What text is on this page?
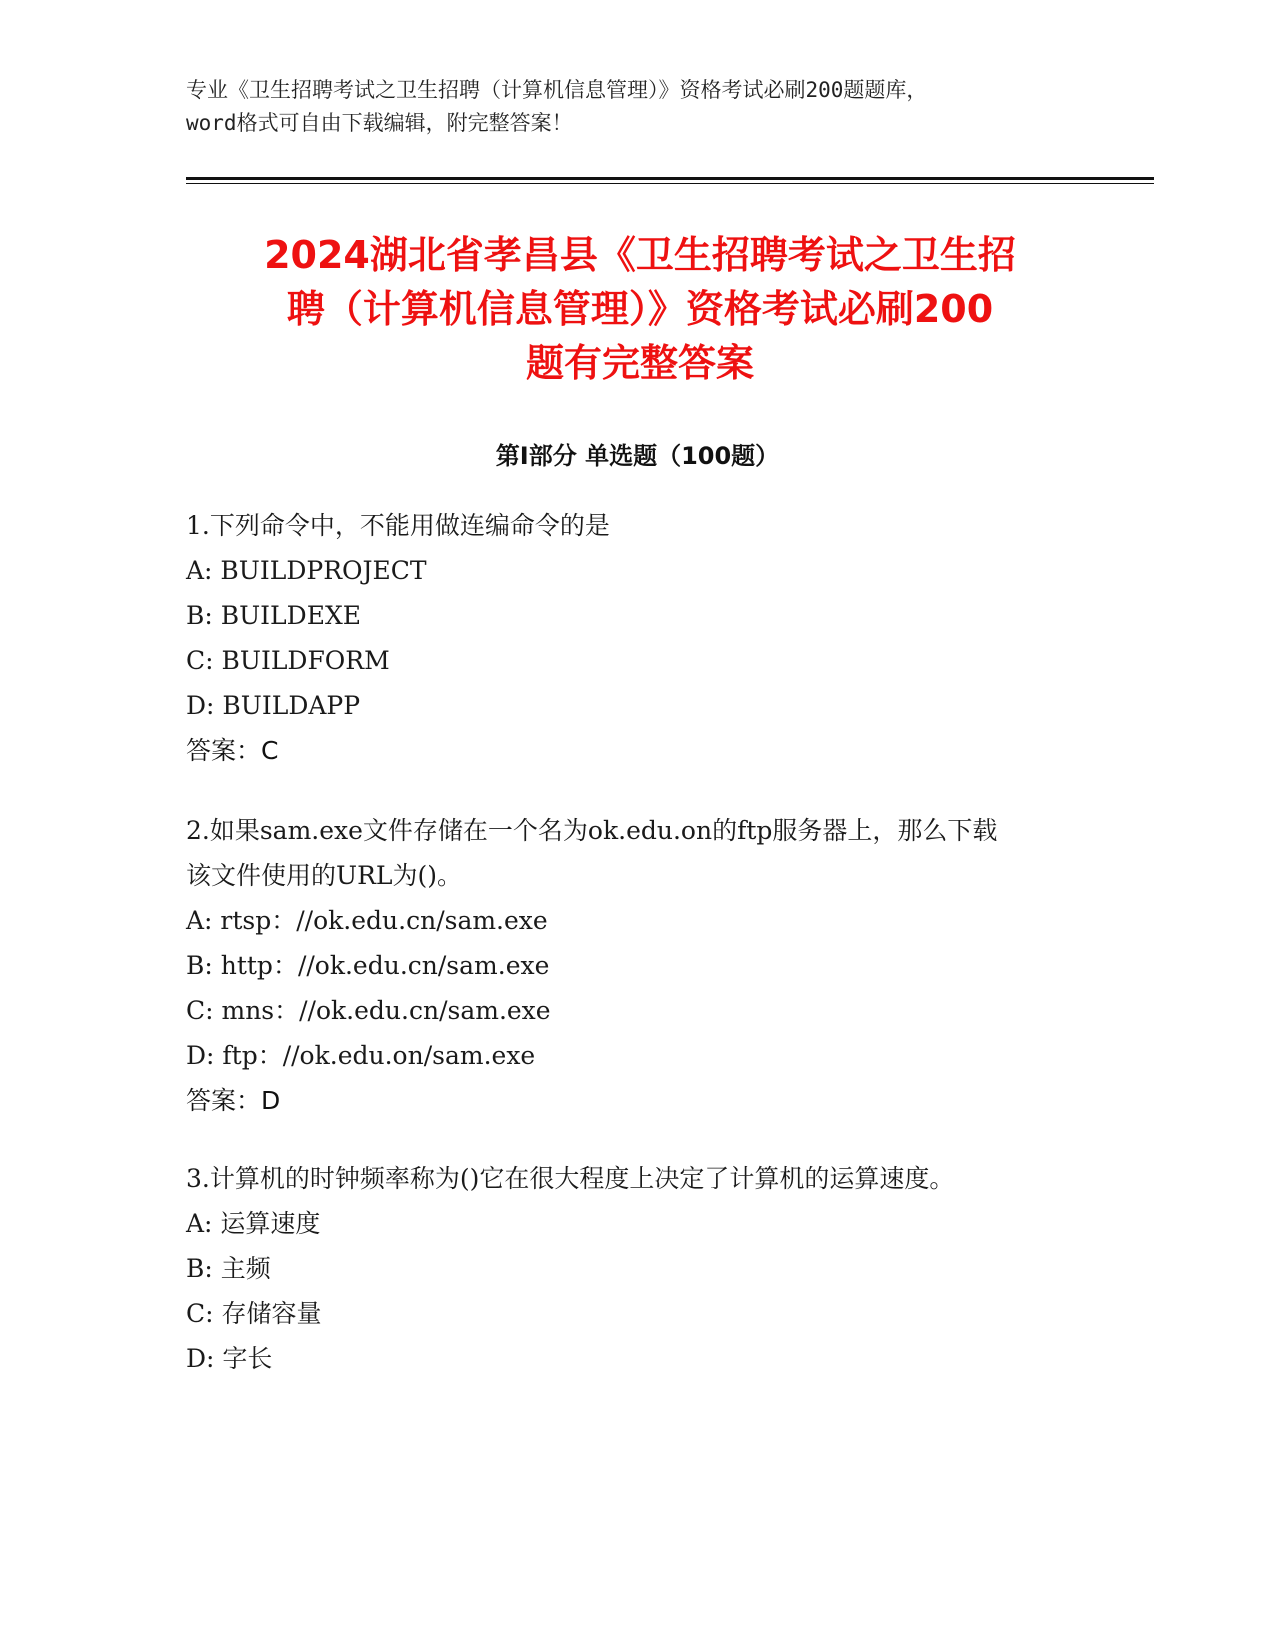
专业《卫生招聘考试之卫生招聘（计算机信息管理）》资格考试必刷200题题库，
word格式可自由下载编辑，附完整答案！
2024湖北省孝昌县《卫生招聘考试之卫生招
聘（计算机信息管理）》资格考试必刷200
题有完整答案
第Ⅰ部分 单选题（100题）
1.下列命令中，不能用做连编命令的是
A: BUILDPROJECT
B: BUILDEXE
C: BUILDFORM
D: BUILDAPP
答案：C
2.如果sam.exe文件存储在一个名为ok.edu.on的ftp服务器上，那么下载该文件使用的URL为()。
A: rtsp：//ok.edu.cn/sam.exe
B: http：//ok.edu.cn/sam.exe
C: mns：//ok.edu.cn/sam.exe
D: ftp：//ok.edu.on/sam.exe
答案：D
3.计算机的时钟频率称为()它在很大程度上决定了计算机的运算速度。
A: 运算速度
B: 主频
C: 存储容量
D: 字长
